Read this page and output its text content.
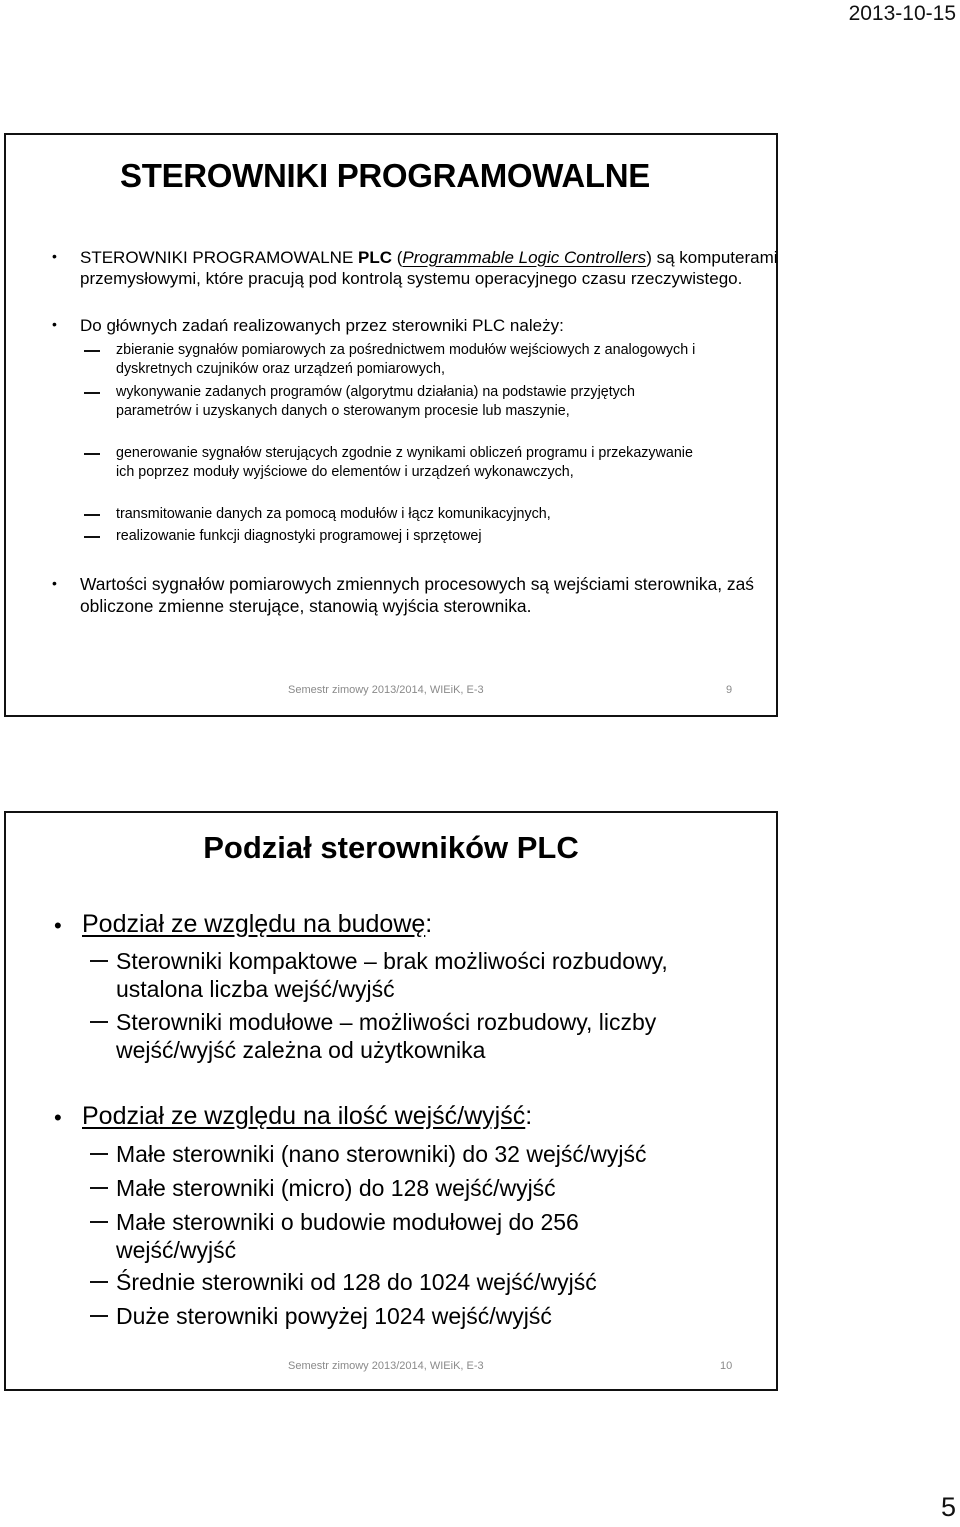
2013-10-15
STEROWNIKI PROGRAMOWALNE
•	STEROWNIKI PROGRAMOWALNE PLC (Programmable Logic Controllers) są komputerami przemysłowymi, które pracują pod kontrolą systemu operacyjnego czasu rzeczywistego.
•	Do głównych zadań realizowanych przez sterowniki PLC należy:
zbieranie sygnałów pomiarowych za pośrednictwem modułów wejściowych z analogowych i dyskretnych czujników oraz urządzeń pomiarowych,
wykonywanie zadanych programów (algorytmu działania) na podstawie przyjętych parametrów i uzyskanych danych o sterowanym procesie lub maszynie,
generowanie sygnałów sterujących zgodnie z wynikami obliczeń programu i przekazywanie ich poprzez moduły wyjściowe do elementów i urządzeń wykonawczych,
transmitowanie danych za pomocą modułów i łącz komunikacyjnych,
realizowanie funkcji diagnostyki programowej i sprzętowej
•	Wartości sygnałów pomiarowych zmiennych procesowych są wejściami sterownika, zaś obliczone zmienne sterujące, stanowią wyjścia sterownika.
Semestr zimowy 2013/2014, WIEiK, E-3	9
Podział sterowników PLC
• Podział ze względu na budowę:
Sterowniki kompaktowe – brak możliwości rozbudowy, ustalona liczba wejść/wyjść
Sterowniki modułowe – możliwości rozbudowy, liczby wejść/wyjść zależna od użytkownika
• Podział ze względu na ilość wejść/wyjść:
Małe sterowniki (nano sterowniki) do 32 wejść/wyjść
Małe sterowniki (micro) do 128 wejść/wyjść
Małe sterowniki o budowie modułowej do 256 wejść/wyjść
Średnie sterowniki od 128 do 1024 wejść/wyjść
Duże sterowniki powyżej 1024 wejść/wyjść
Semestr zimowy 2013/2014, WIEiK, E-3	10
5
